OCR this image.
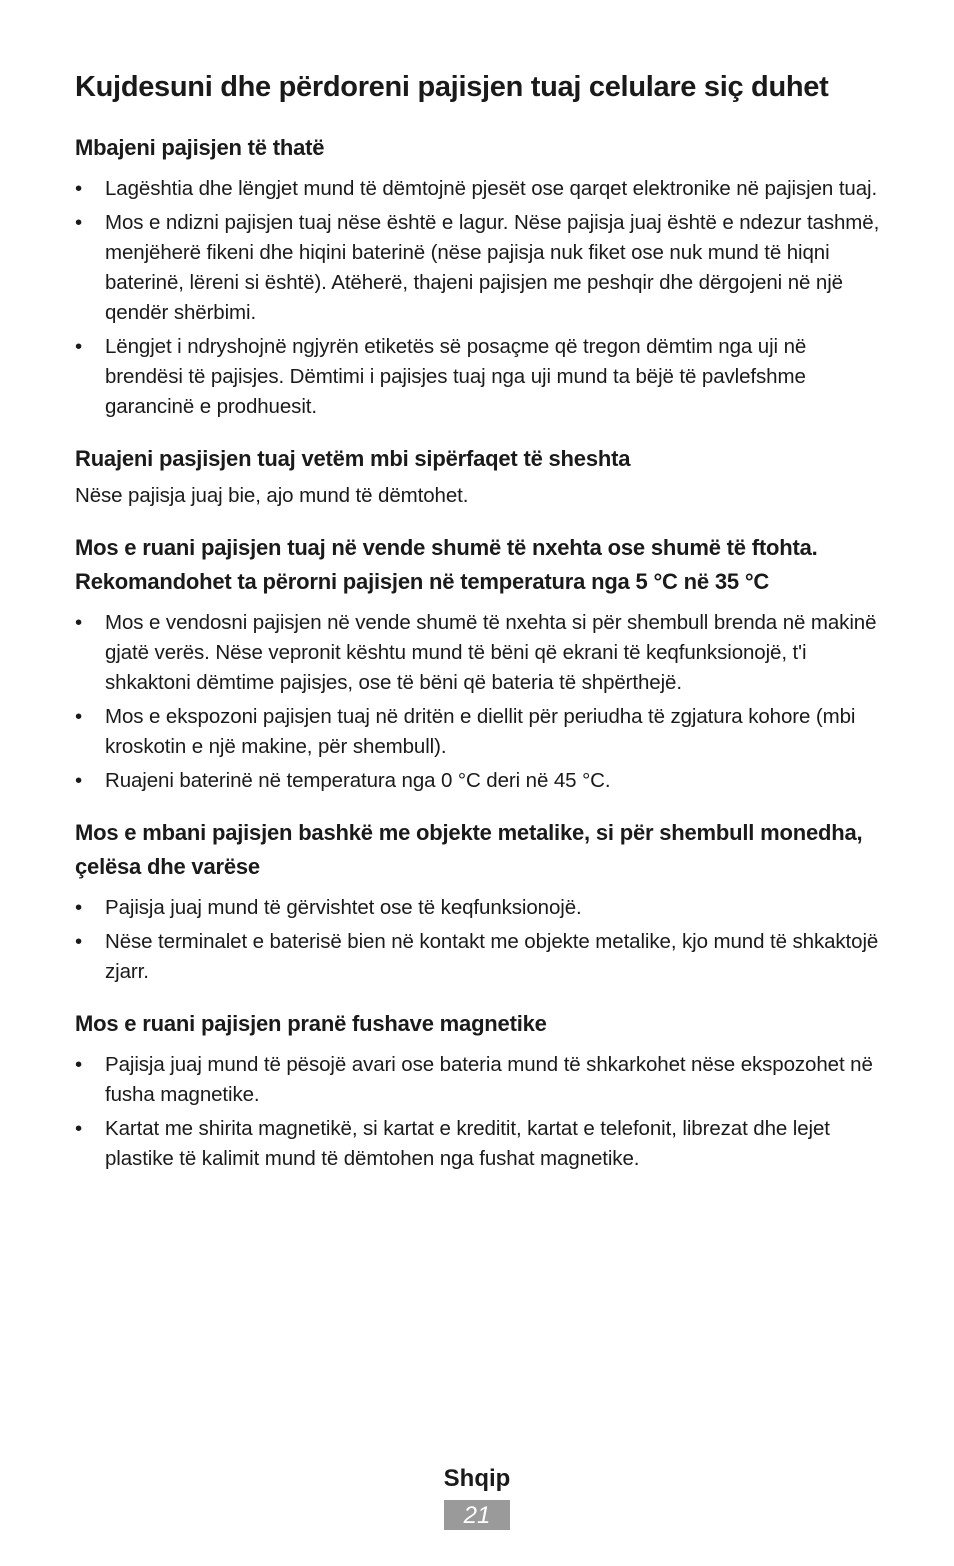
Kujdesuni dhe përdoreni pajisjen tuaj celulare siç duhet
Mbajeni pajisjen të thatë
• Lagështia dhe lëngjet mund të dëmtojnë pjesët ose qarqet elektronike në pajisjen tuaj.
• Mos e ndizni pajisjen tuaj nëse është e lagur. Nëse pajisja juaj është e ndezur tashmë, menjëherë fikeni dhe hiqini baterinë (nëse pajisja nuk fiket ose nuk mund të hiqni baterinë, lëreni si është). Atëherë, thajeni pajisjen me peshqir dhe dërgojeni në një qendër shërbimi.
• Lëngjet i ndryshojnë ngjyrën etiketës së posaçme që tregon dëmtim nga uji në brendësi të pajisjes. Dëmtimi i pajisjes tuaj nga uji mund ta bëjë të pavlefshme garancinë e prodhuesit.
Ruajeni pasjisjen tuaj vetëm mbi sipërfaqet të sheshta

Nëse pajisja juaj bie, ajo mund të dëmtohet.

Mos e ruani pajisjen tuaj në vende shumë të nxehta ose shumë të ftohta. Rekomandohet ta përorni pajisjen në temperatura nga 5 °C në 35 °C
• Mos e vendosni pajisjen në vende shumë të nxehta si për shembull brenda në makinë gjatë verës. Nëse vepronit kështu mund të bëni që ekrani të keqfunksionojë, t'i shkaktoni dëmtime pajisjes, ose të bëni që bateria të shpërthejë.
• Mos e ekspozoni pajisjen tuaj në dritën e diellit për periudha të zgjatura kohore (mbi kroskotin e një makine, për shembull).
• Ruajeni baterinë në temperatura nga 0 °C deri në 45 °C.
Mos e mbani pajisjen bashkë me objekte metalike, si për shembull monedha, çelësa dhe varëse
• Pajisja juaj mund të gërvishtet ose të keqfunksionojë.
• Nëse terminalet e baterisë bien në kontakt me objekte metalike, kjo mund të shkaktojë zjarr.
Mos e ruani pajisjen pranë fushave magnetike
• Pajisja juaj mund të pësojë avari ose bateria mund të shkarkohet nëse ekspozohet në fusha magnetike.
• Kartat me shirita magnetikë, si kartat e kreditit, kartat e telefonit, librezat dhe lejet plastike të kalimit mund të dëmtohen nga fushat magnetike.
Shqip
21
